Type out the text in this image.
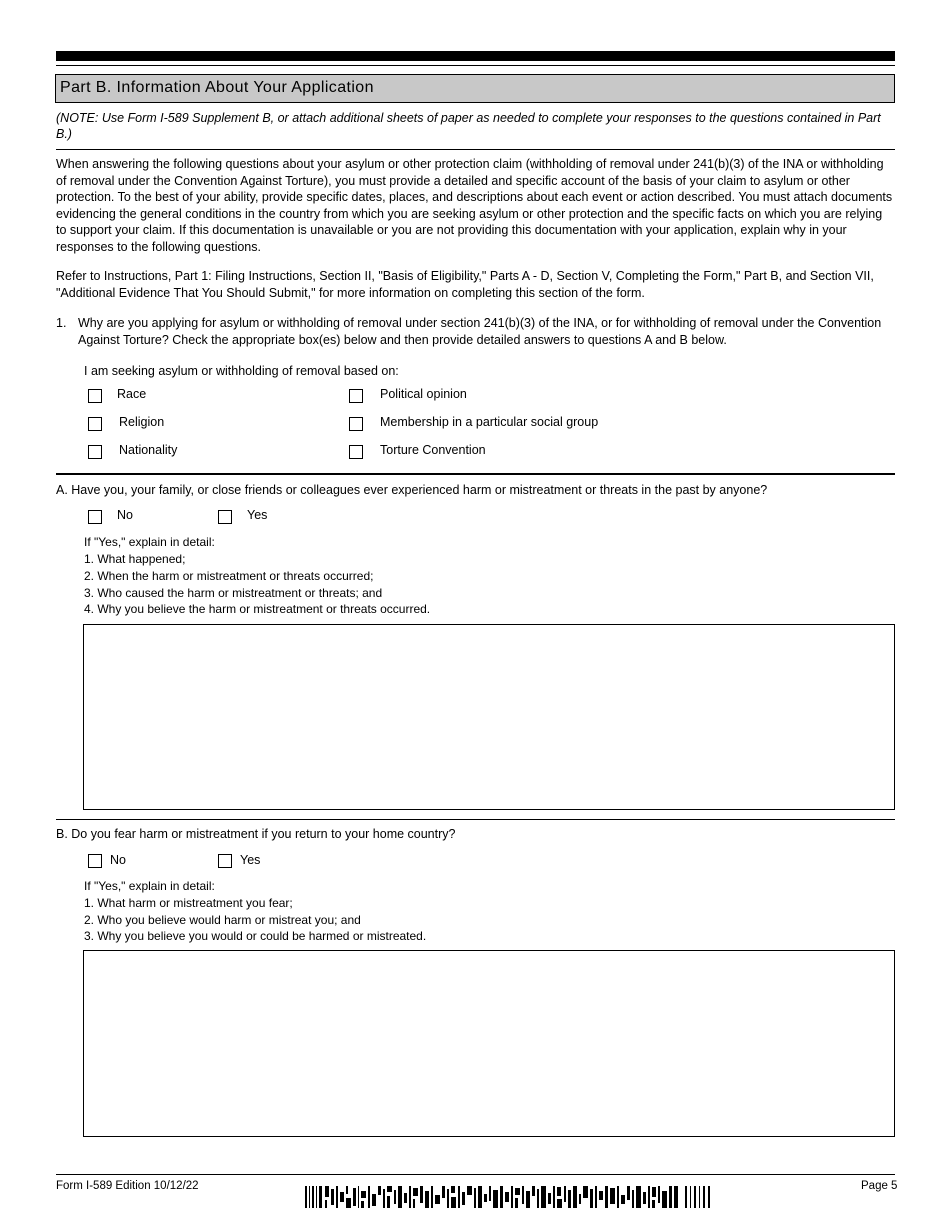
Part B. Information About Your Application
(NOTE: Use Form I-589 Supplement B, or attach additional sheets of paper as needed to complete your responses to the questions contained in Part B.)
When answering the following questions about your asylum or other protection claim (withholding of removal under 241(b)(3) of the INA or withholding of removal under the Convention Against Torture), you must provide a detailed and specific account of the basis of your claim to asylum or other protection. To the best of your ability, provide specific dates, places, and descriptions about each event or action described. You must attach documents evidencing the general conditions in the country from which you are seeking asylum or other protection and the specific facts on which you are relying to support your claim. If this documentation is unavailable or you are not providing this documentation with your application, explain why in your responses to the following questions.
Refer to Instructions, Part 1: Filing Instructions, Section II, "Basis of Eligibility," Parts A - D, Section V, Completing the Form," Part B, and Section VII, "Additional Evidence That You Should Submit," for more information on completing this section of the form.
1. Why are you applying for asylum or withholding of removal under section 241(b)(3) of the INA, or for withholding of removal under the Convention Against Torture? Check the appropriate box(es) below and then provide detailed answers to questions A and B below.
I am seeking asylum or withholding of removal based on:
Race
Religion
Nationality
Political opinion
Membership in a particular social group
Torture Convention
A. Have you, your family, or close friends or colleagues ever experienced harm or mistreatment or threats in the past by anyone?
No	Yes
If "Yes," explain in detail:
1. What happened;
2. When the harm or mistreatment or threats occurred;
3. Who caused the harm or mistreatment or threats; and
4. Why you believe the harm or mistreatment or threats occurred.
B. Do you fear harm or mistreatment if you return to your home country?
No	Yes
If "Yes," explain in detail:
1. What harm or mistreatment you fear;
2. Who you believe would harm or mistreat you; and
3. Why you believe you would or could be harmed or mistreated.
Form I-589 Edition 10/12/22	Page 5
